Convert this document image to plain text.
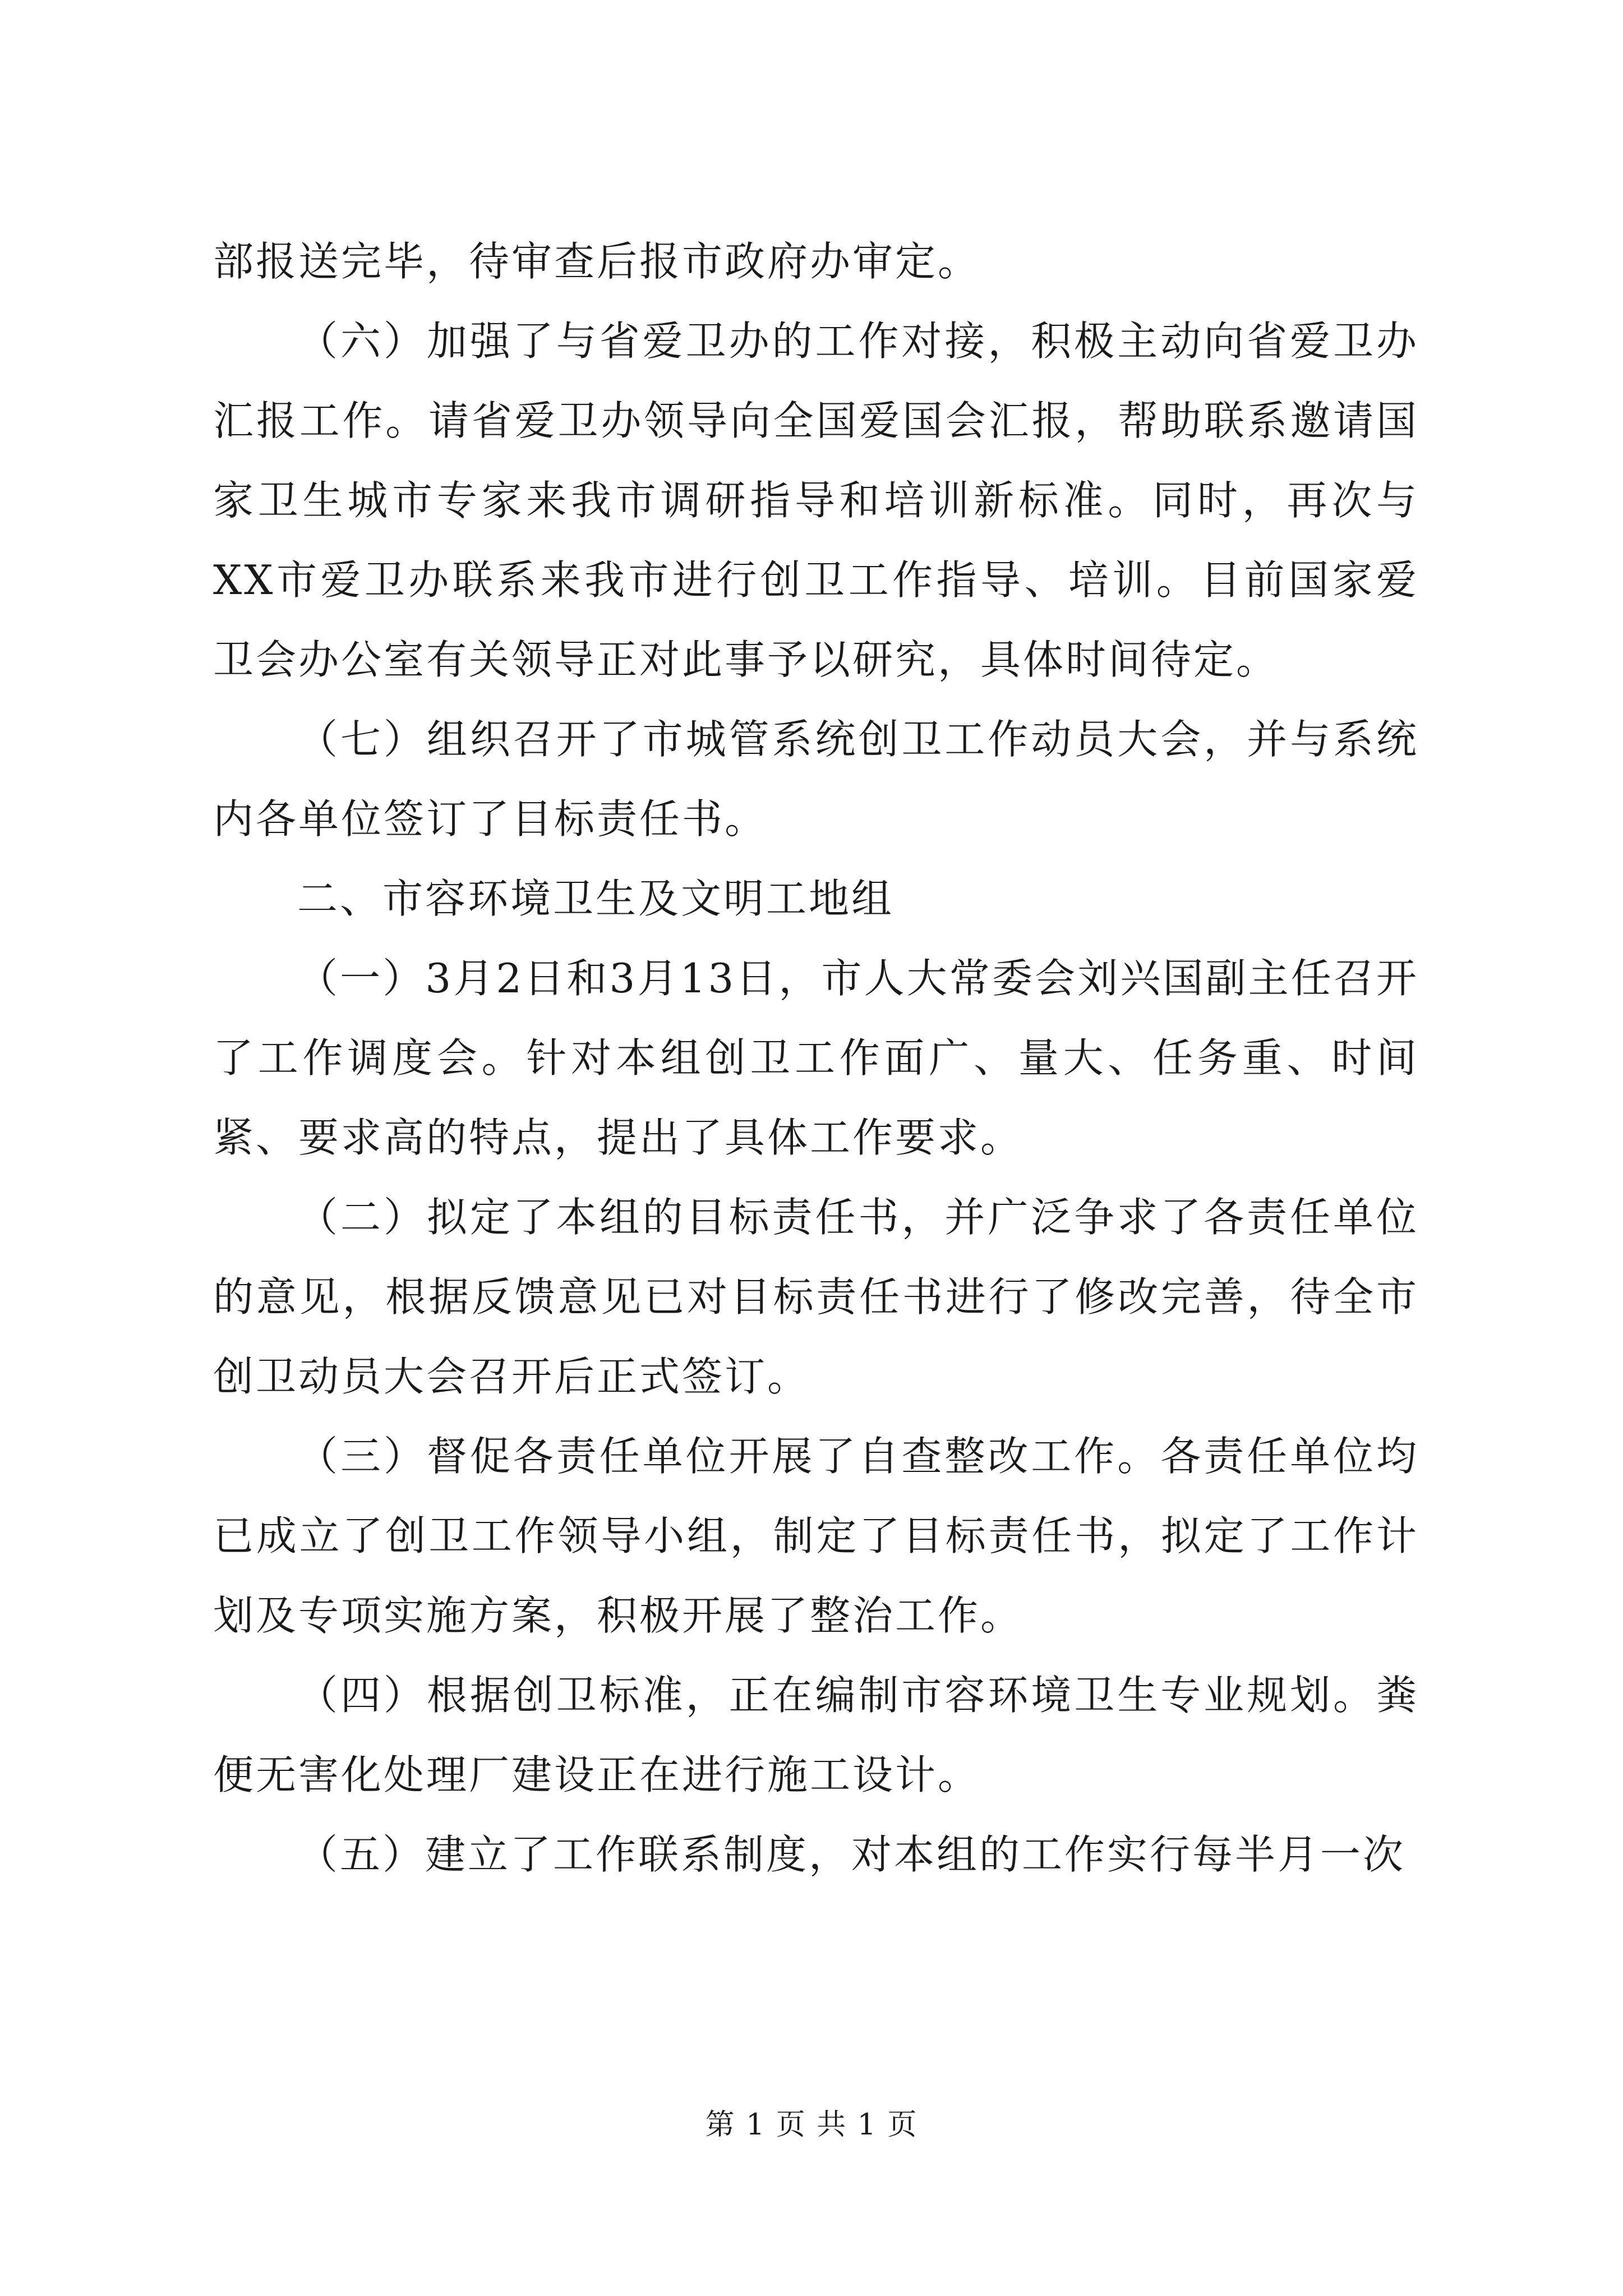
部报送完毕，待审查后报市政府办审定。

（六）加强了与省爱卫办的工作对接，积极主动向省爱卫办汇报工作。请省爱卫办领导向全国爱国会汇报，帮助联系邀请国家卫生城市专家来我市调研指导和培训新标准。同时，再次与XX市爱卫办联系来我市进行创卫工作指导、培训。目前国家爱卫会办公室有关领导正对此事予以研究，具体时间待定。

（七）组织召开了市城管系统创卫工作动员大会，并与系统内各单位签订了目标责任书。

二、市容环境卫生及文明工地组

（一）3月2日和3月13日，市人大常委会刘兴国副主任召开了工作调度会。针对本组创卫工作面广、量大、任务重、时间紧、要求高的特点，提出了具体工作要求。

（二）拟定了本组的目标责任书，并广泛争求了各责任单位的意见，根据反馈意见已对目标责任书进行了修改完善，待全市创卫动员大会召开后正式签订。

（三）督促各责任单位开展了自查整改工作。各责任单位均已成立了创卫工作领导小组，制定了目标责任书，拟定了工作计划及专项实施方案，积极开展了整治工作。

（四）根据创卫标准，正在编制市容环境卫生专业规划。粪便无害化处理厂建设正在进行施工设计。

（五）建立了工作联系制度，对本组的工作实行每半月一次

第 1 页 共 1 页
